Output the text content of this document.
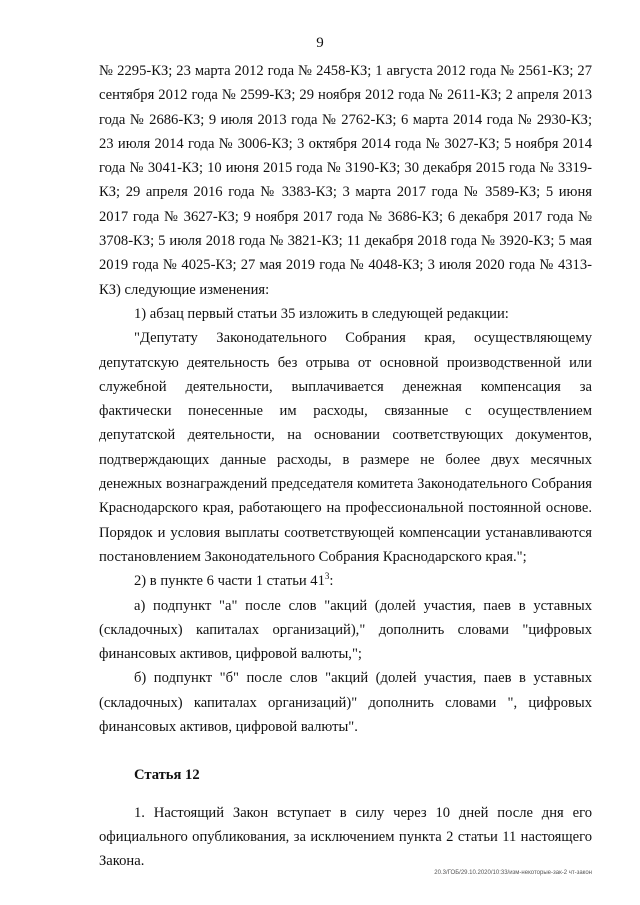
9

№ 2295-КЗ; 23 марта 2012 года № 2458-КЗ; 1 августа 2012 года № 2561-КЗ; 27 сентября 2012 года № 2599-КЗ; 29 ноября 2012 года № 2611-КЗ; 2 апреля 2013 года № 2686-КЗ; 9 июля 2013 года № 2762-КЗ; 6 марта 2014 года № 2930-КЗ; 23 июля 2014 года № 3006-КЗ; 3 октября 2014 года № 3027-КЗ; 5 ноября 2014 года № 3041-КЗ; 10 июня 2015 года № 3190-КЗ; 30 декабря 2015 года № 3319-КЗ; 29 апреля 2016 года № 3383-КЗ; 3 марта 2017 года № 3589-КЗ; 5 июня 2017 года № 3627-КЗ; 9 ноября 2017 года № 3686-КЗ; 6 декабря 2017 года № 3708-КЗ; 5 июля 2018 года № 3821-КЗ; 11 декабря 2018 года № 3920-КЗ; 5 мая 2019 года № 4025-КЗ; 27 мая 2019 года № 4048-КЗ; 3 июля 2020 года № 4313-КЗ) следующие изменения:

1) абзац первый статьи 35 изложить в следующей редакции:

"Депутату Законодательного Собрания края, осуществляющему депутатскую деятельность без отрыва от основной производственной или служебной деятельности, выплачивается денежная компенсация за фактически понесенные им расходы, связанные с осуществлением депутатской деятельности, на основании соответствующих документов, подтверждающих данные расходы, в размере не более двух месячных денежных вознаграждений председателя комитета Законодательного Собрания Краснодарского края, работающего на профессиональной постоянной основе. Порядок и условия выплаты соответствующей компенсации устанавливаются постановлением Законодательного Собрания Краснодарского края.";

2) в пункте 6 части 1 статьи $41^3$:

а) подпункт "а" после слов "акций (долей участия, паев в уставных (складочных) капиталах организаций)," дополнить словами "цифровых финансовых активов, цифровой валюты,";

б) подпункт "б" после слов "акций (долей участия, паев в уставных (складочных) капиталах организаций)" дополнить словами ", цифровых финансовых активов, цифровой валюты".

Статья 12

1. Настоящий Закон вступает в силу через 10 дней после дня его официального опубликования, за исключением пункта 2 статьи 11 настоящего Закона.

20.3/ГОБ/29.10.2020/10:33/изм-некоторые-зак-2 чт-закон
